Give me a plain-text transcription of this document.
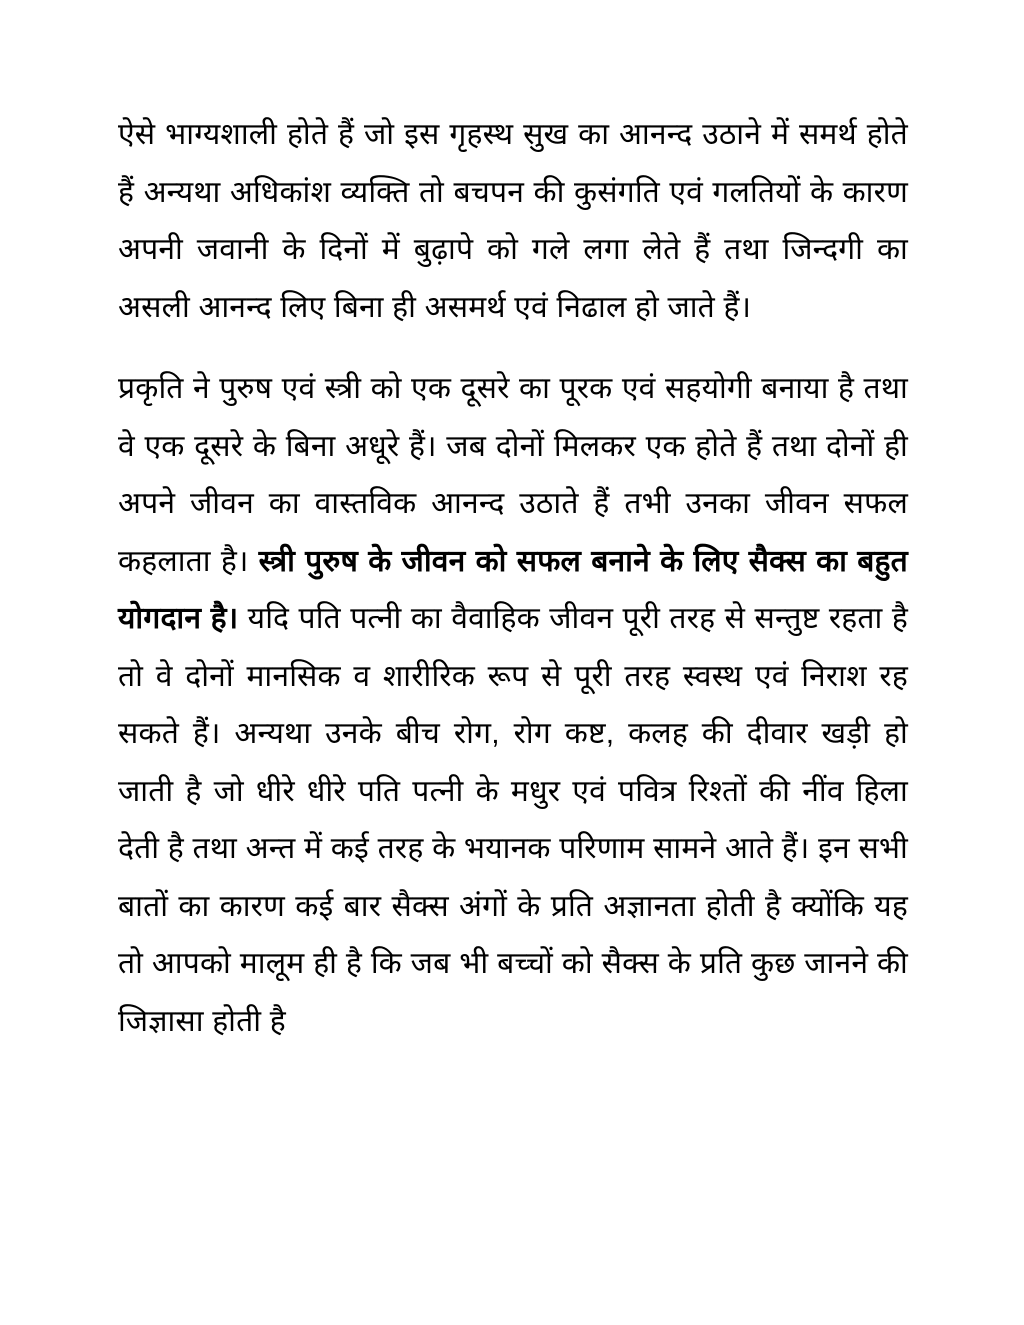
ऐसे भाग्यशाली होते हैं जो इस गृहस्थ सुख का आनन्द उठाने में समर्थ होते हैं अन्यथा अधिकांश व्यक्ति तो बचपन की कुसंगति एवं गलतियों के कारण अपनी जवानी के दिनों में बुढ़ापे को गले लगा लेते हैं तथा जिन्दगी का असली आनन्द लिए बिना ही असमर्थ एवं निढाल हो जाते हैं।

प्रकृति ने पुरुष एवं स्त्री को एक दूसरे का पूरक एवं सहयोगी बनाया है तथा वे एक दूसरे के बिना अधूरे हैं। जब दोनों मिलकर एक होते हैं तथा दोनों ही अपने जीवन का वास्तविक आनन्द उठाते हैं तभी उनका जीवन सफल कहलाता है। स्त्री पुरुष के जीवन को सफल बनाने के लिए सैक्स का बहुत योगदान है। यदि पति पत्नी का वैवाहिक जीवन पूरी तरह से सन्तुष्ट रहता है तो वे दोनों मानसिक व शारीरिक रूप से पूरी तरह स्वस्थ एवं निराश रह सकते हैं। अन्यथा उनके बीच रोग, रोग कष्ट, कलह की दीवार खड़ी हो जाती है जो धीरे धीरे पति पत्नी के मधुर एवं पवित्र रिश्तों की नींव हिला देती है तथा अन्त में कई तरह के भयानक परिणाम सामने आते हैं। इन सभी बातों का कारण कई बार सैक्स अंगों के प्रति अज्ञानता होती है क्योंकि यह तो आपको मालूम ही है कि जब भी बच्चों को सैक्स के प्रति कुछ जानने की जिज्ञासा होती है
